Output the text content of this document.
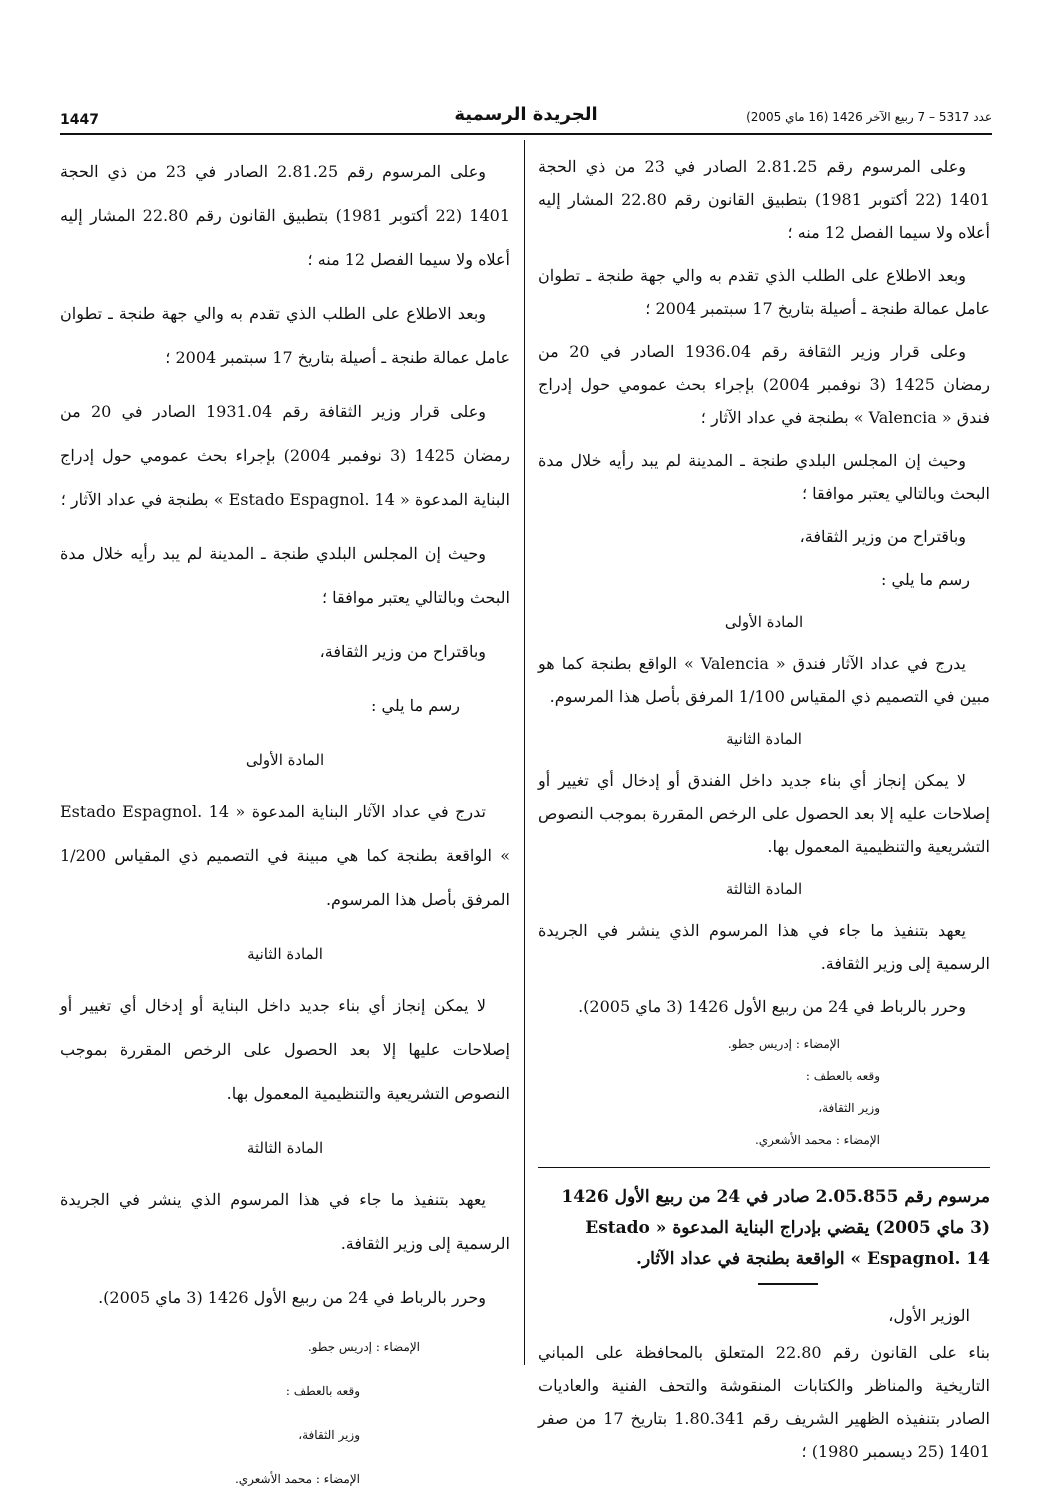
1447	الجريدة الرسمية	عدد 5317 – 7 ربيع الآخر 1426 (16 ماي 2005)

وعلى المرسوم رقم 2.81.25 الصادر في 23 من ذي الحجة 1401 (22 أكتوبر 1981) بتطبيق القانون رقم 22.80 المشار إليه أعلاه ولا سيما الفصل 12 منه ؛

وبعد الاطلاع على الطلب الذي تقدم به والي جهة طنجة ـ تطوان عامل عمالة طنجة ـ أصيلة بتاريخ 17 سبتمبر 2004 ؛

وعلى قرار وزير الثقافة رقم 1936.04 الصادر في 20 من رمضان 1425 (3 نوفمبر 2004) بإجراء بحث عمومي حول إدراج فندق « Valencia » بطنجة في عداد الآثار ؛

وحيث إن المجلس البلدي طنجة ـ المدينة لم يبد رأيه خلال مدة البحث وبالتالي يعتبر موافقا ؛

وباقتراح من وزير الثقافة،

رسم ما يلي :

المادة الأولى

يدرج في عداد الآثار فندق « Valencia » الواقع بطنجة كما هو مبين في التصميم ذي المقياس 1/100 المرفق بأصل هذا المرسوم.

المادة الثانية

لا يمكن إنجاز أي بناء جديد داخل الفندق أو إدخال أي تغيير أو إصلاحات عليه إلا بعد الحصول على الرخص المقررة بموجب النصوص التشريعية والتنظيمية المعمول بها.

المادة الثالثة

يعهد بتنفيذ ما جاء في هذا المرسوم الذي ينشر في الجريدة الرسمية إلى وزير الثقافة.

وحرر بالرباط في 24 من ربيع الأول 1426 (3 ماي 2005).

الإمضاء : إدريس جطو.

وقعه بالعطف :

وزير الثقافة،

الإمضاء : محمد الأشعري.

مرسوم رقم 2.05.855 صادر في 24 من ربيع الأول 1426 (3 ماي 2005) يقضي بإدراج البناية المدعوة « Estado Espagnol. 14 » الواقعة بطنجة في عداد الآثار.

الوزير الأول،

بناء على القانون رقم 22.80 المتعلق بالمحافظة على المباني التاريخية والمناظر والكتابات المنقوشة والتحف الفنية والعاديات الصادر بتنفيذه الظهير الشريف رقم 1.80.341 بتاريخ 17 من صفر 1401 (25 ديسمبر 1980) ؛

وعلى المرسوم رقم 2.81.25 الصادر في 23 من ذي الحجة 1401 (22 أكتوبر 1981) بتطبيق القانون رقم 22.80 المشار إليه أعلاه ولا سيما الفصل 12 منه ؛

وبعد الاطلاع على الطلب الذي تقدم به والي جهة طنجة ـ تطوان عامل عمالة طنجة ـ أصيلة بتاريخ 17 سبتمبر 2004 ؛

وعلى قرار وزير الثقافة رقم 1931.04 الصادر في 20 من رمضان 1425 (3 نوفمبر 2004) بإجراء بحث عمومي حول إدراج البناية المدعوة « Estado Espagnol. 14 » بطنجة في عداد الآثار ؛

وحيث إن المجلس البلدي طنجة ـ المدينة لم يبد رأيه خلال مدة البحث وبالتالي يعتبر موافقا ؛

وباقتراح من وزير الثقافة،

رسم ما يلي :

المادة الأولى

تدرج في عداد الآثار البناية المدعوة « Estado Espagnol. 14 » الواقعة بطنجة كما هي مبينة في التصميم ذي المقياس 1/200 المرفق بأصل هذا المرسوم.

المادة الثانية

لا يمكن إنجاز أي بناء جديد داخل البناية أو إدخال أي تغيير أو إصلاحات عليها إلا بعد الحصول على الرخص المقررة بموجب النصوص التشريعية والتنظيمية المعمول بها.

المادة الثالثة

يعهد بتنفيذ ما جاء في هذا المرسوم الذي ينشر في الجريدة الرسمية إلى وزير الثقافة.

وحرر بالرباط في 24 من ربيع الأول 1426 (3 ماي 2005).

الإمضاء : إدريس جطو.

وقعه بالعطف :

وزير الثقافة،

الإمضاء : محمد الأشعري.
